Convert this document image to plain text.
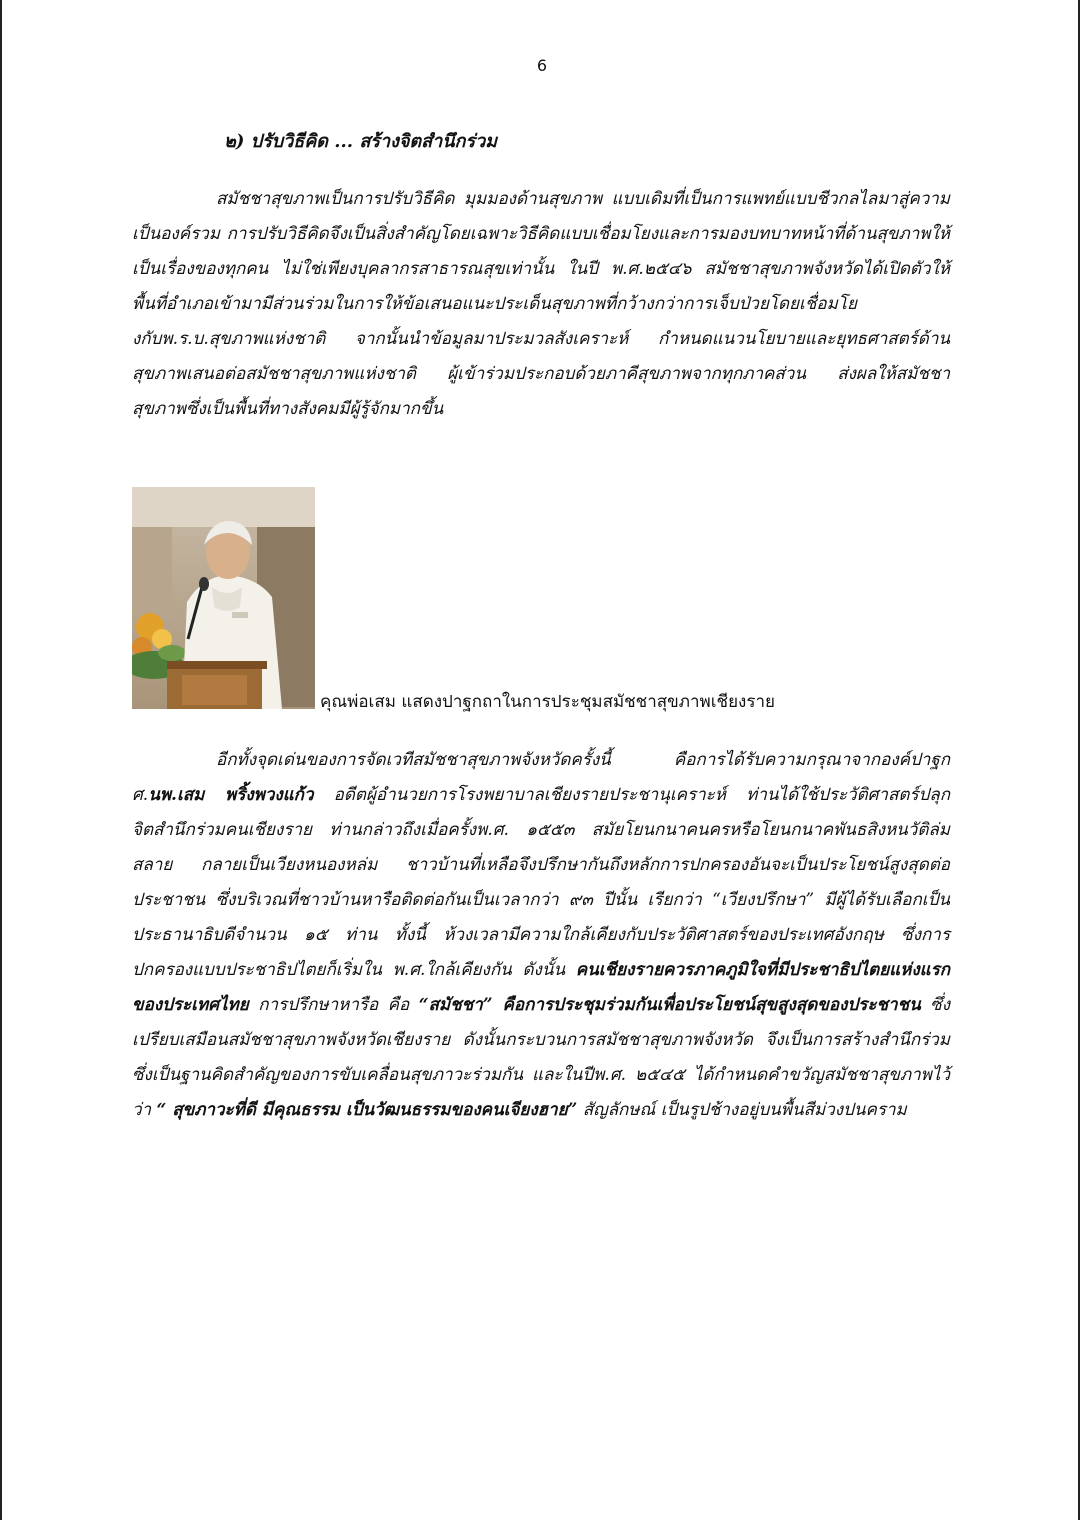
6
๒) ปรับวิธีคิด ... สร้างจิตสำนึกร่วม

สมัชชาสุขภาพเป็นการปรับวิธีคิด มุมมองด้านสุขภาพ แบบเดิมที่เป็นการแพทย์แบบชีวกลไลมาสู่ความเป็นองค์รวม การปรับวิธีคิดจึงเป็นสิ่งสำคัญโดยเฉพาะวิธีคิดแบบเชื่อมโยงและการมองบทบาทหน้าที่ด้านสุขภาพให้เป็นเรื่องของทุกคน ไม่ใช่เพียงบุคลากรสาธารณสุขเท่านั้น ในปี พ.ศ.๒๕๔๖ สมัชชาสุขภาพจังหวัดได้เปิดตัวให้พื้นที่อำเภอเข้ามามีส่วนร่วมในการให้ข้อเสนอแนะประเด็นสุขภาพที่กว้างกว่าการเจ็บป่วยโดยเชื่อมโยงกับพ.ร.บ.สุขภาพแห่งชาติ จากนั้นนำข้อมูลมาประมวลสังเคราะห์ กำหนดแนวนโยบายและยุทธศาสตร์ด้านสุขภาพเสนอต่อสมัชชาสุขภาพแห่งชาติ ผู้เข้าร่วมประกอบด้วยภาคีสุขภาพจากทุกภาคส่วน ส่งผลให้สมัชชาสุขภาพซึ่งเป็นพื้นที่ทางสังคมมีผู้รู้จักมากขึ้น

คุณพ่อเสม แสดงปาฐกถาในการประชุมสมัชชาสุขภาพเชียงราย

อีกทั้งจุดเด่นของการจัดเวทีสมัชชาสุขภาพจังหวัดครั้งนี้ คือการได้รับความกรุณาจากองค์ปาฐก ศ.นพ.เสม พริ้งพวงแก้ว อดีตผู้อำนวยการโรงพยาบาลเชียงรายประชานุเคราะห์ ท่านได้ใช้ประวัติศาสตร์ปลุกจิตสำนึกร่วมคนเชียงราย ท่านกล่าวถึงเมื่อครั้งพ.ศ. ๑๕๕๓ สมัยโยนกนาคนครหรือโยนกนาคพันธสิงหนวัติล่มสลาย กลายเป็นเวียงหนองหล่ม ชาวบ้านที่เหลือจึงปรึกษากันถึงหลักการปกครองอันจะเป็นประโยชน์สูงสุดต่อประชาชน ซึ่งบริเวณที่ชาวบ้านหารือติดต่อกันเป็นเวลากว่า ๙๓ ปีนั้น เรียกว่า “เวียงปรึกษา” มีผู้ได้รับเลือกเป็นประธานาธิบดีจำนวน ๑๕ ท่าน ทั้งนี้ ห้วงเวลามีความใกล้เคียงกับประวัติศาสตร์ของประเทศอังกฤษ ซึ่งการปกครองแบบประชาธิปไตยก็เริ่มใน พ.ศ.ใกล้เคียงกัน ดังนั้น คนเชียงรายควรภาคภูมิใจที่มีประชาธิปไตยแห่งแรกของประเทศไทย การปรึกษาหารือ คือ “สมัชชา” คือการประชุมร่วมกันเพื่อประโยชน์สุขสูงสุดของประชาชน ซึ่งเปรียบเสมือนสมัชชาสุขภาพจังหวัดเชียงราย ดังนั้นกระบวนการสมัชชาสุขภาพจังหวัด จึงเป็นการสร้างสำนึกร่วม ซึ่งเป็นฐานคิดสำคัญของการขับเคลื่อนสุขภาวะร่วมกัน และในปีพ.ศ. ๒๕๔๕ ได้กำหนดคำขวัญสมัชชาสุขภาพไว้ว่า “ สุขภาวะที่ดี มีคุณธรรม เป็นวัฒนธรรมของคนเจียงฮาย” สัญลักษณ์ เป็นรูปช้างอยู่บนพื้นสีม่วงปนคราม
